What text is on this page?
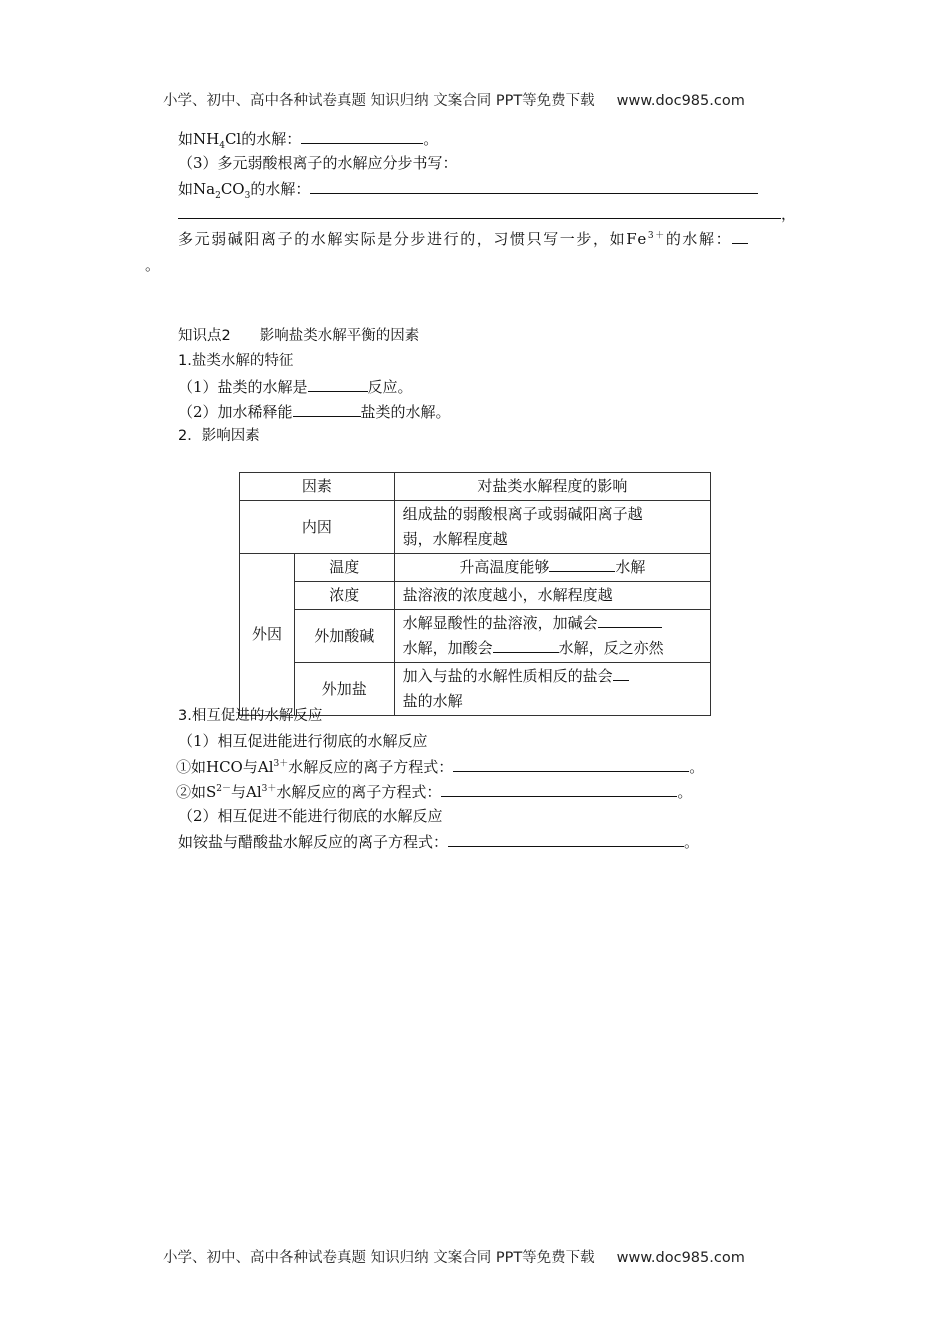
小学、初中、高中各种试卷真题 知识归纳 文案合同 PPT等免费下载 www.doc985.com
如$NH_4Cl$的水解：	。
（3）多元弱酸根离子的水解应分步书写：
如$Na_2CO_3$的水解：
，
多元弱碱阳离子的水解实际是分步进行的，习惯只写一步，如$Fe^{3+}$的水解：
。
知识点2　　影响盐类水解平衡的因素
1.盐类水解的特征
（1）盐类的水解是	反应。
（2）加水稀释能	盐类的水解。
2．影响因素
因素		对盐类水解程度的影响
内因		组成盐的弱酸根离子或弱碱阳离子越
弱，水解程度越

外因	温度	升高温度能够 水解
	浓度	盐溶液的浓度越小，水解程度越
	外加酸碱	水解显酸性的盐溶液，加碱会
水解，加酸会 水解，反之亦然

	外加盐	加入与盐的水解性质相反的盐会
盐的水解
3.相互促进的水解反应
（1）相互促进能进行彻底的水解反应
①如HCO与$Al^{3+}$水解反应的离子方程式：	。
②如$S^{2-}$与$Al^{3+}$水解反应的离子方程式：	。
（2）相互促进不能进行彻底的水解反应
如铵盐与醋酸盐水解反应的离子方程式：	。
小学、初中、高中各种试卷真题 知识归纳 文案合同 PPT等免费下载 www.doc985.com
